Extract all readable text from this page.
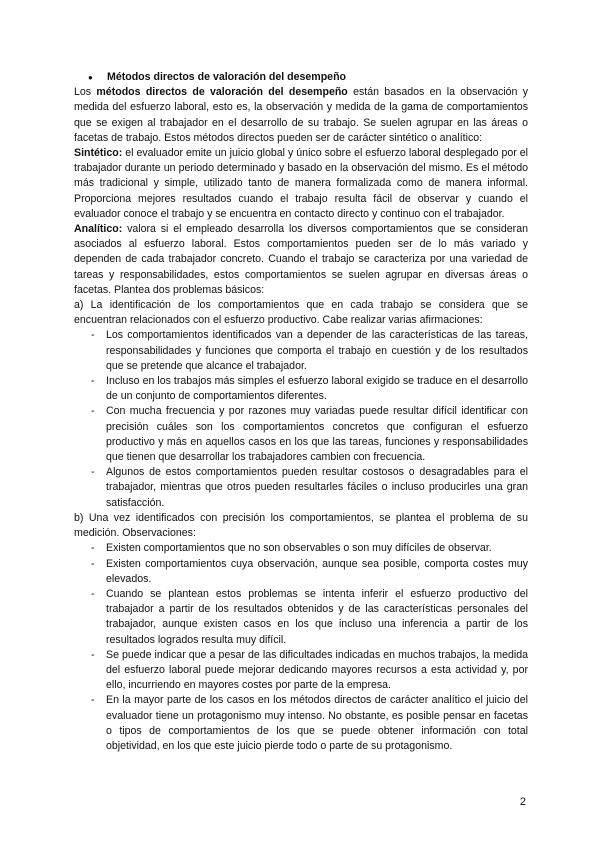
●	Métodos directos de valoración del desempeño

Los métodos directos de valoración del desempeño están basados en la observación y medida del esfuerzo laboral, esto es, la observación y medida de la gama de comportamientos que se exigen al trabajador en el desarrollo de su trabajo. Se suelen agrupar en las áreas o facetas de trabajo. Estos métodos directos pueden ser de carácter sintético o analítico:

Sintético: el evaluador emite un juicio global y único sobre el esfuerzo laboral desplegado por el trabajador durante un periodo determinado y basado en la observación del mismo. Es el método más tradicional y simple, utilizado tanto de manera formalizada como de manera informal. Proporciona mejores resultados cuando el trabajo resulta fácil de observar y cuando el evaluador conoce el trabajo y se encuentra en contacto directo y continuo con el trabajador.

Analítico: valora si el empleado desarrolla los diversos comportamientos que se consideran asociados al esfuerzo laboral. Estos comportamientos pueden ser de lo más variado y dependen de cada trabajador concreto. Cuando el trabajo se caracteriza por una variedad de tareas y responsabilidades, estos comportamientos se suelen agrupar en diversas áreas o facetas. Plantea dos problemas básicos:

a) La identificación de los comportamientos que en cada trabajo se considera que se encuentran relacionados con el esfuerzo productivo. Cabe realizar varias afirmaciones:

- Los comportamientos identificados van a depender de las características de las tareas, responsabilidades y funciones que comporta el trabajo en cuestión y de los resultados que se pretende que alcance el trabajador.
- Incluso en los trabajos más simples el esfuerzo laboral exigido se traduce en el desarrollo de un conjunto de comportamientos diferentes.
- Con mucha frecuencia y por razones muy variadas puede resultar difícil identificar con precisión cuáles son los comportamientos concretos que configuran el esfuerzo productivo y más en aquellos casos en los que las tareas, funciones y responsabilidades que tienen que desarrollar los trabajadores cambien con frecuencia.
- Algunos de estos comportamientos pueden resultar costosos o desagradables para el trabajador, mientras que otros pueden resultarles fáciles o incluso producirles una gran satisfacción.

b) Una vez identificados con precisión los comportamientos, se plantea el problema de su medición. Observaciones:

- Existen comportamientos que no son observables o son muy difíciles de observar.
- Existen comportamientos cuya observación, aunque sea posible, comporta costes muy elevados.
- Cuando se plantean estos problemas se intenta inferir el esfuerzo productivo del trabajador a partir de los resultados obtenidos y de las características personales del trabajador, aunque existen casos en los que incluso una inferencia a partir de los resultados logrados resulta muy difícil.
- Se puede indicar que a pesar de las dificultades indicadas en muchos trabajos, la medida del esfuerzo laboral puede mejorar dedicando mayores recursos a esta actividad y, por ello, incurriendo en mayores costes por parte de la empresa.
- En la mayor parte de los casos en los métodos directos de carácter analítico el juicio del evaluador tiene un protagonismo muy intenso. No obstante, es posible pensar en facetas o tipos de comportamientos de los que se puede obtener información con total objetividad, en los que este juicio pierde todo o parte de su protagonismo.
2
